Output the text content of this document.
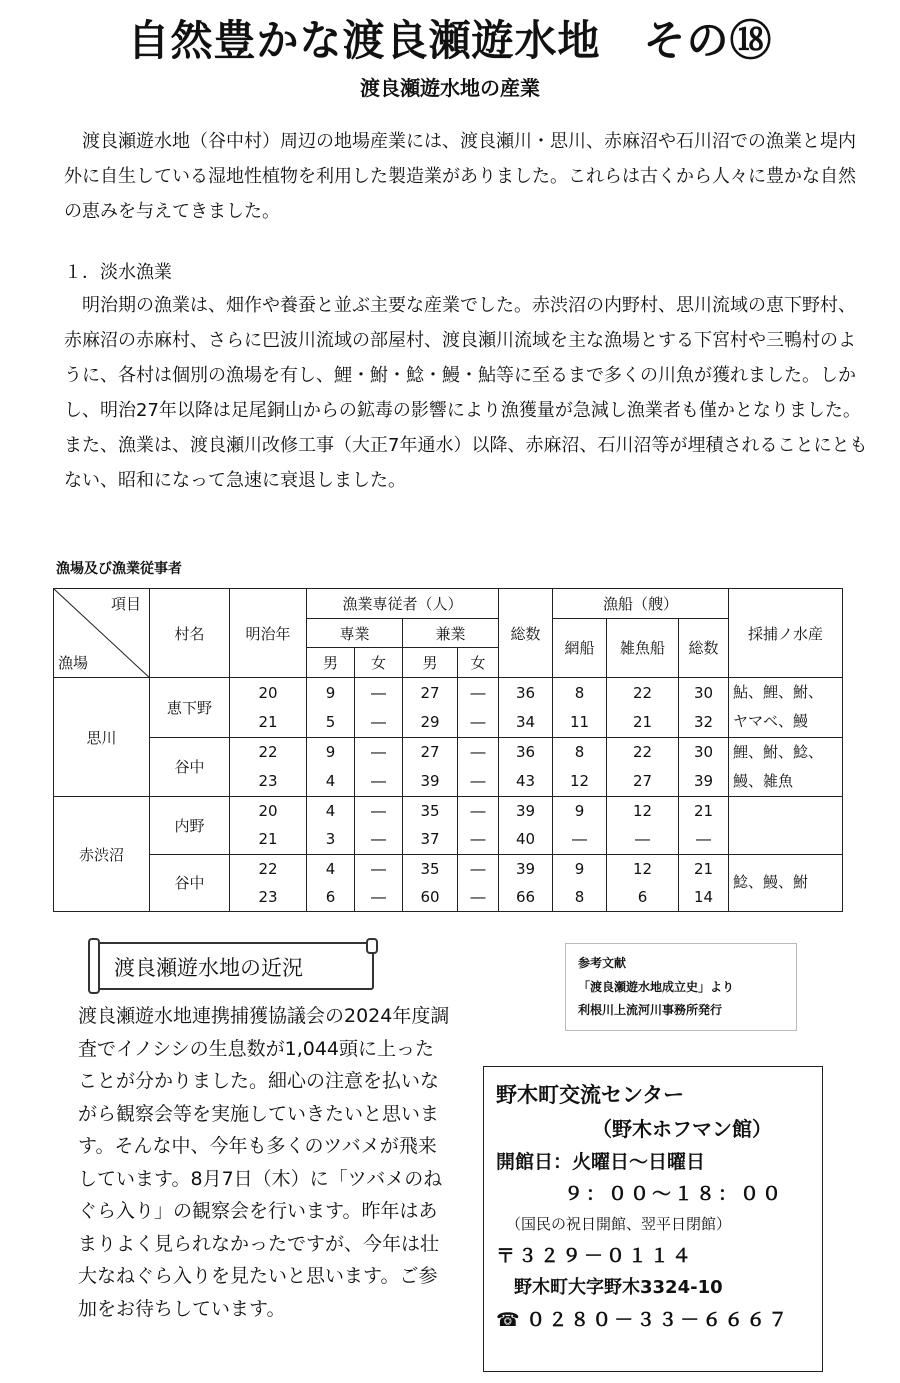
自然豊かな渡良瀬遊水地　その⑱
渡良瀬遊水地の産業

渡良瀬遊水地（谷中村）周辺の地場産業には、渡良瀬川・思川、赤麻沼や石川沼での漁業と堤内外に自生している湿地性植物を利用した製造業がありました。これらは古くから人々に豊かな自然の恵みを与えてきました。

１．淡水漁業

明治期の漁業は、畑作や養蚕と並ぶ主要な産業でした。赤渋沼の内野村、思川流域の恵下野村、赤麻沼の赤麻村、さらに巴波川流域の部屋村、渡良瀬川流域を主な漁場とする下宮村や三鴨村のように、各村は個別の漁場を有し、鯉・鮒・鯰・鰻・鮎等に至るまで多くの川魚が獲れました。しかし、明治27年以降は足尾銅山からの鉱毒の影響により漁獲量が急減し漁業者も僅かとなりました。また、漁業は、渡良瀬川改修工事（大正7年通水）以降、赤麻沼、石川沼等が埋積されることにともない、昭和になって急速に衰退しました。

漁場及び漁業従事者
項目
漁場	村名	明治年	漁業専従者（人）				総数	漁船（艘）			採捕ノ水産
			専業		兼業			網船	雑魚船	総数	
			男	女	男	女					
思川	恵下野	20	9	―	27	―	36	8	22	30	鮎、鯉、鮒、
ヤマベ、鰻
		21	5	―	29	―	34	11	21	32	
	谷中	22	9	―	27	―	36	8	22	30	鯉、鮒、鯰、
鰻、雑魚
		23	4	―	39	―	43	12	27	39	
赤渋沼	内野	20	4	―	35	―	39	9	12	21	
		21	3	―	37	―	40	―	―	―	
	谷中	22	4	―	35	―	39	9	12	21	鯰、鰻、鮒
		23	6	―	60	―	66	8	6	14	
渡良瀬遊水地の近況

渡良瀬遊水地連携捕獲協議会の2024年度調査でイノシシの生息数が1,044頭に上ったことが分かりました。細心の注意を払いながら観察会等を実施していきたいと思います。そんな中、今年も多くのツバメが飛来しています。8月7日（木）に「ツバメのねぐら入り」の観察会を行います。昨年はあまりよく見られなかったですが、今年は壮大なねぐら入りを見たいと思います。ご参加をお待ちしています。

参考文献
「渡良瀬遊水地成立史」より
利根川上流河川事務所発行
野木町交流センター
（野木ホフマン館）
開館日：火曜日～日曜日
９：００～１８：００
（国民の祝日開館、翌平日閉館）
〒３２９－０１１４
野木町大字野木3324-10
☎ ０２８０－３３－６６６７
